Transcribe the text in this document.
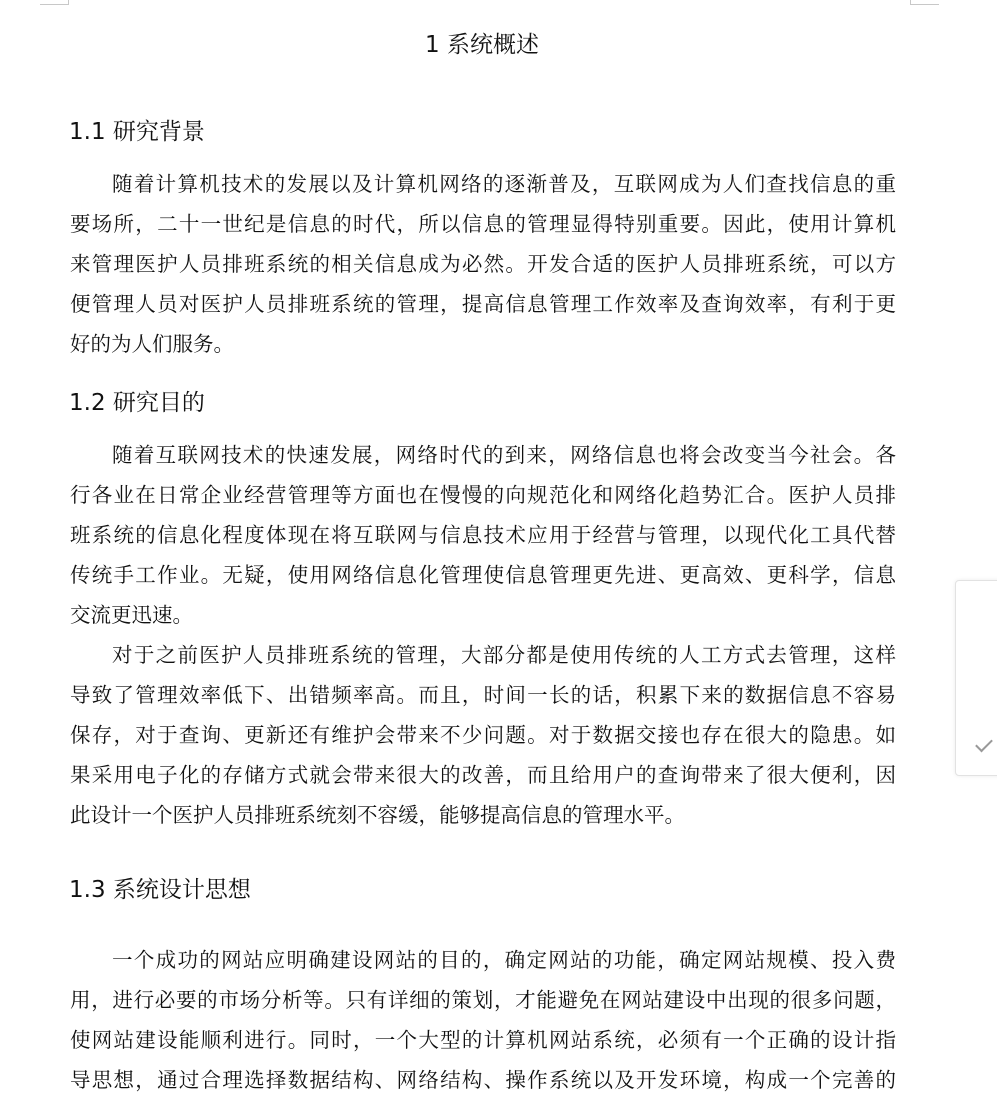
1 系统概述
1.1 研究背景
随着计算机技术的发展以及计算机网络的逐渐普及，互联网成为人们查找信息的重
要场所，二十一世纪是信息的时代，所以信息的管理显得特别重要。因此，使用计算机
来管理医护人员排班系统的相关信息成为必然。开发合适的医护人员排班系统，可以方
便管理人员对医护人员排班系统的管理，提高信息管理工作效率及查询效率，有利于更
好的为人们服务。
1.2 研究目的
随着互联网技术的快速发展，网络时代的到来，网络信息也将会改变当今社会。各
行各业在日常企业经营管理等方面也在慢慢的向规范化和网络化趋势汇合。医护人员排
班系统的信息化程度体现在将互联网与信息技术应用于经营与管理，以现代化工具代替
传统手工作业。无疑，使用网络信息化管理使信息管理更先进、更高效、更科学，信息
交流更迅速。
对于之前医护人员排班系统的管理，大部分都是使用传统的人工方式去管理，这样
导致了管理效率低下、出错频率高。而且，时间一长的话，积累下来的数据信息不容易
保存，对于查询、更新还有维护会带来不少问题。对于数据交接也存在很大的隐患。如
果采用电子化的存储方式就会带来很大的改善，而且给用户的查询带来了很大便利，因
此设计一个医护人员排班系统刻不容缓，能够提高信息的管理水平。
1.3 系统设计思想
一个成功的网站应明确建设网站的目的，确定网站的功能，确定网站规模、投入费
用，进行必要的市场分析等。只有详细的策划，才能避免在网站建设中出现的很多问题，
使网站建设能顺利进行。同时，一个大型的计算机网站系统，必须有一个正确的设计指
导思想，通过合理选择数据结构、网络结构、操作系统以及开发环境，构成一个完善的
